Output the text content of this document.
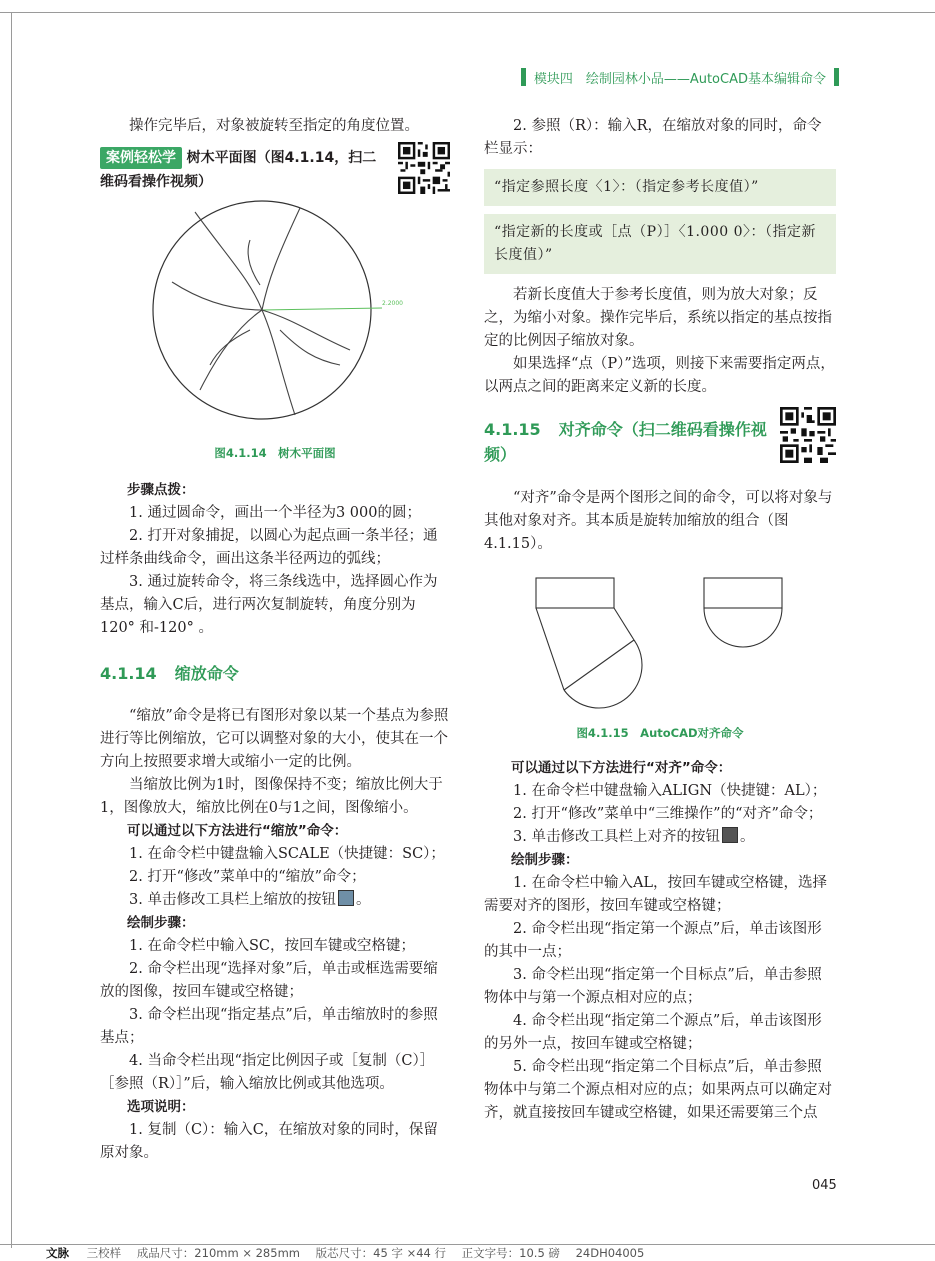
模块四　绘制园林小品——AutoCAD基本编辑命令

操作完毕后，对象被旋转至指定的角度位置。

案例轻松学 树木平面图（图4.1.14，扫二维码看操作视频）
2.2000

图4.1.14　树木平面图

步骤点拨：

1. 通过圆命令，画出一个半径为3 000的圆；

2. 打开对象捕捉，以圆心为起点画一条半径；通过样条曲线命令，画出这条半径两边的弧线；

3. 通过旋转命令，将三条线选中，选择圆心作为基点，输入C后，进行两次复制旋转，角度分别为120° 和-120° 。

4.1.14 缩放命令

“缩放”命令是将已有图形对象以某一个基点为参照进行等比例缩放，它可以调整对象的大小，使其在一个方向上按照要求增大或缩小一定的比例。

当缩放比例为1时，图像保持不变；缩放比例大于1，图像放大，缩放比例在0与1之间，图像缩小。

可以通过以下方法进行“缩放”命令：

1. 在命令栏中键盘输入SCALE（快捷键：SC）；

2. 打开“修改”菜单中的“缩放”命令；

3. 单击修改工具栏上缩放的按钮 。

绘制步骤：

1. 在命令栏中输入SC，按回车键或空格键；

2. 命令栏出现“选择对象”后，单击或框选需要缩放的图像，按回车键或空格键；

3. 命令栏出现“指定基点”后，单击缩放时的参照基点；

4. 当命令栏出现“指定比例因子或［复制（C）］［参照（R）］”后，输入缩放比例或其他选项。

选项说明：

1. 复制（C）：输入C，在缩放对象的同时，保留原对象。

2. 参照（R）：输入R，在缩放对象的同时，命令栏显示：

“指定参照长度〈1〉：（指定参考长度值）”
“指定新的长度或［点（P）］〈1.000 0〉：（指定新长度值）”

若新长度值大于参考长度值，则为放大对象；反之，为缩小对象。操作完毕后，系统以指定的基点按指定的比例因子缩放对象。

如果选择“点（P）”选项，则接下来需要指定两点，以两点之间的距离来定义新的长度。

4.1.15 对齐命令（扫二维码看操作视频）

“对齐”命令是两个图形之间的命令，可以将对象与其他对象对齐。其本质是旋转加缩放的组合（图4.1.15）。

图4.1.15　AutoCAD对齐命令

可以通过以下方法进行“对齐”命令：

1. 在命令栏中键盘输入ALIGN（快捷键：AL）；

2. 打开“修改”菜单中“三维操作”的“对齐”命令；

3. 单击修改工具栏上对齐的按钮 。

绘制步骤：

1. 在命令栏中输入AL，按回车键或空格键，选择需要对齐的图形，按回车键或空格键；

2. 命令栏出现“指定第一个源点”后，单击该图形的其中一点；

3. 命令栏出现“指定第一个目标点”后，单击参照物体中与第一个源点相对应的点；

4. 命令栏出现“指定第二个源点”后，单击该图形的另外一点，按回车键或空格键；

5. 命令栏出现“指定第二个目标点”后，单击参照物体中与第二个源点相对应的点；如果两点可以确定对齐，就直接按回车键或空格键，如果还需要第三个点

045
文脉 三校样 成品尺寸：210mm × 285mm 版芯尺寸：45 字 ×44 行 正文字号：10.5 磅 24DH04005
